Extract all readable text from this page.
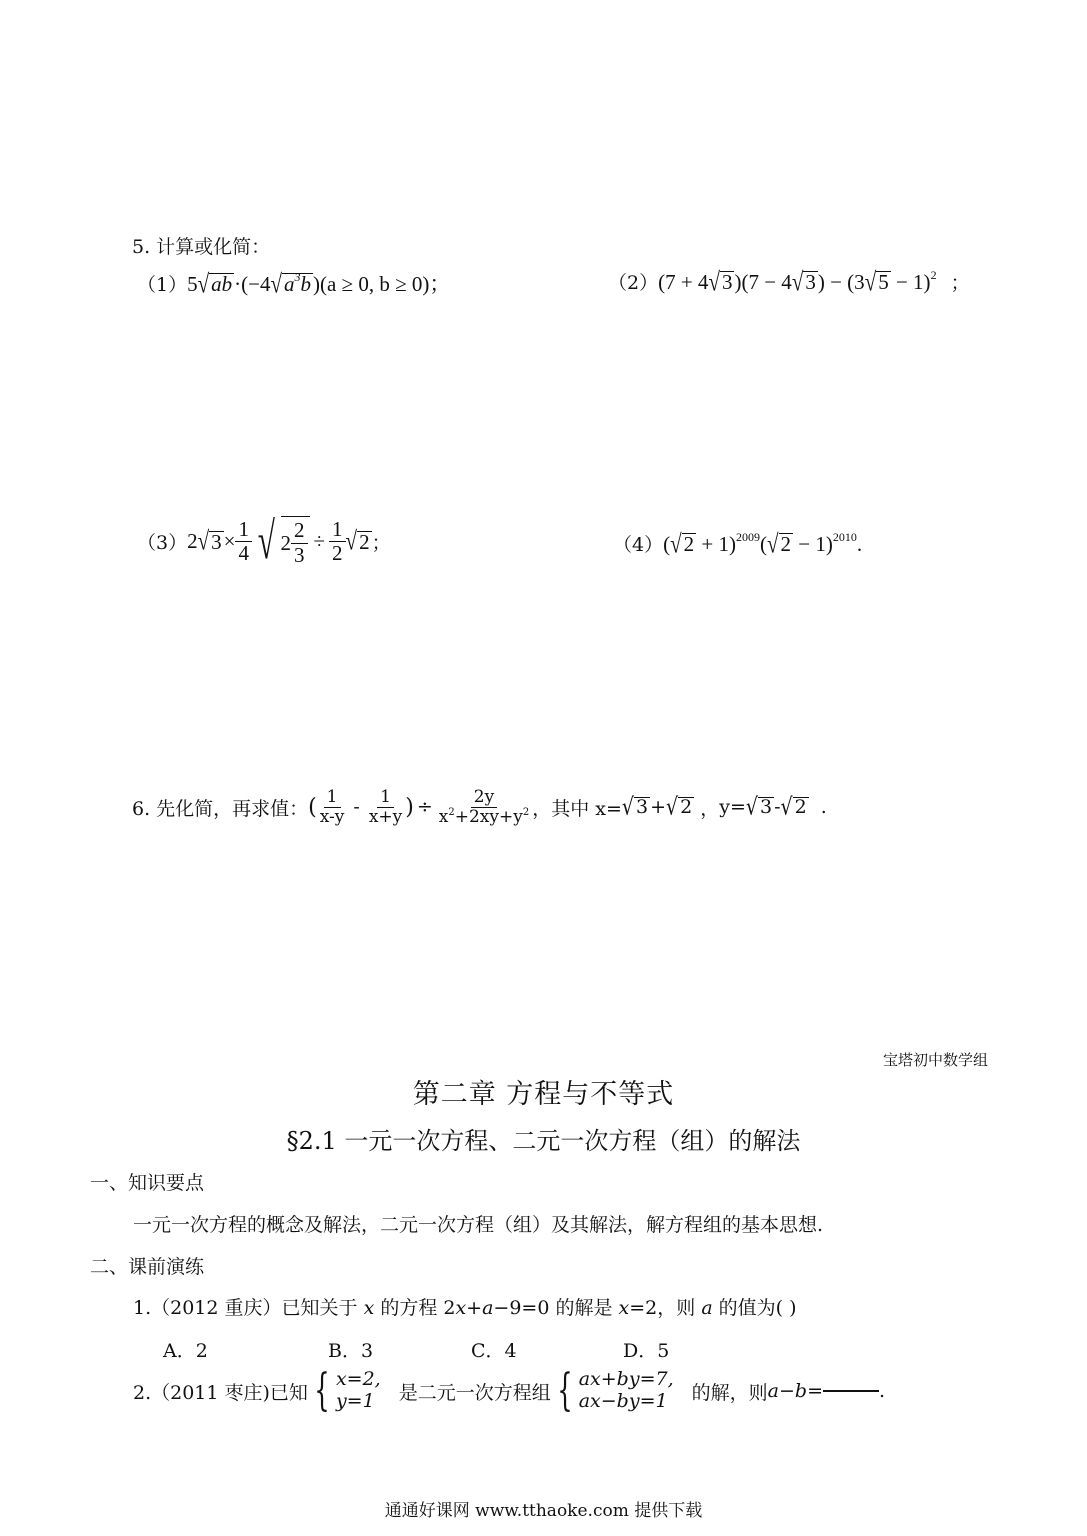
5. 计算或化简：
$(1)5√ab\cdot(-4√a^3b)(a \ge 0$, b ≥ 0)；	$(2)(7 + 4√3)(7 - 4√3) - (3√5 - 1)^2$ ；
$(3)2√3\times \frac{1}{4}$ √ $2 \frac{2}{3} \div \frac{1}{2} √2$ ；	$(4)(√2 + 1)^{2009}(√2 - 1)^{2010}$.
6. 先化简，再求值： ( $\frac{1}{x-y} - \frac{1}{x+y}$ ) ÷ $\frac{2y}{x^2+2xy+y^2}$ ，其中 x= √ 3 + √ 2 ， y= √ 3 - √ 2 .
宝塔初中数学组
第二章 方程与不等式
§2.1 一元一次方程、二元一次方程（组）的解法
一、知识要点
一元一次方程的概念及解法，二元一次方程（组）及其解法，解方程组的基本思想.
二、课前演练
1.（2012 重庆）已知关于 x 的方程 2x+a−9=0 的解是 x=2，则 a 的值为( )
A．2	B．3	C．4	D．5
2.（2011 枣庄)已知 { x=2,
y=1	是二元一次方程组 { ax+by=7,
ax−by=1	的解，则 a−b=	.
通通好课网 www.tthaoke.com 提供下载
